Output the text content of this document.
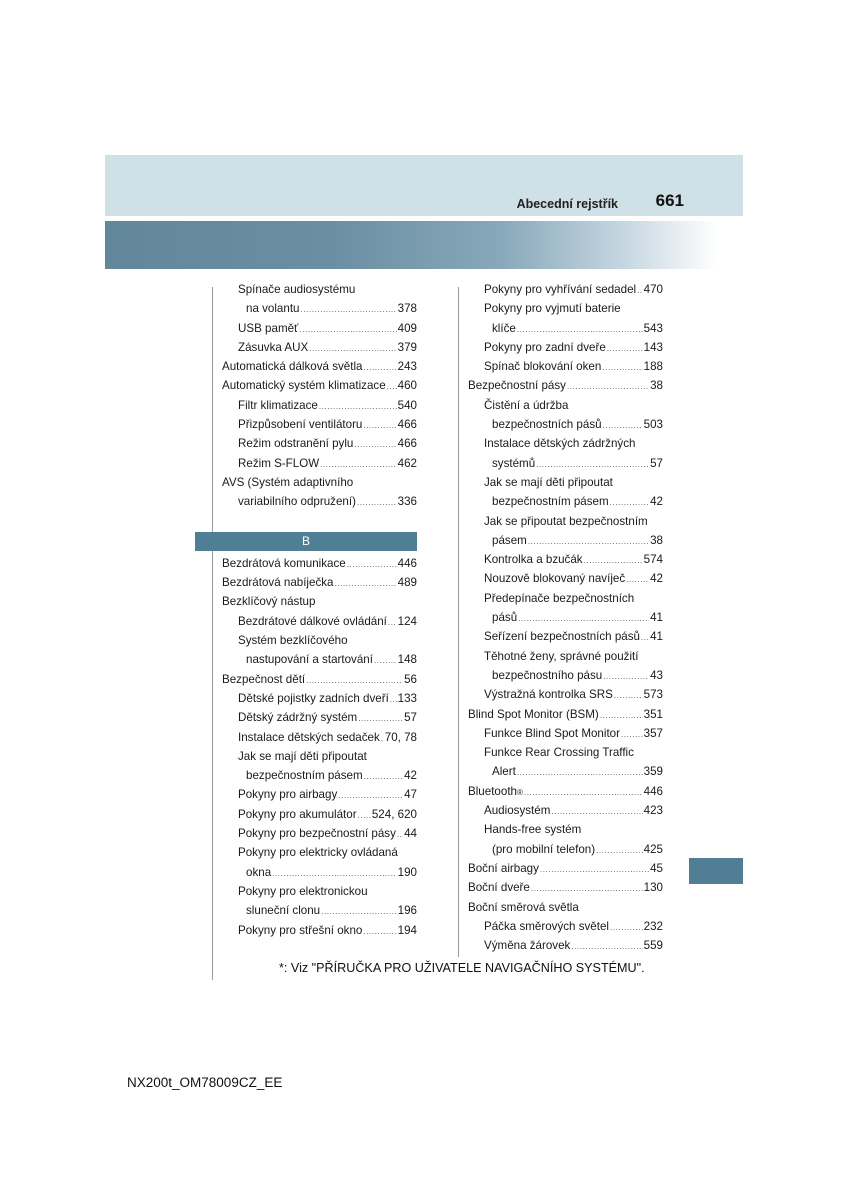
Abecední rejstřík	661
Spínače audiosystému
na volantu .....	378
USB paměť .....	409
Zásuvka AUX .....	379
Automatická dálková světla .....	243
Automatický systém klimatizace ..... 460
Filtr klimatizace .....	540
Přizpůsobení ventilátoru .....	466
Režim odstranění pylu .....	466
Režim S-FLOW .....	462
AVS (Systém adaptivního
variabilního odpružení) .....	336
B
Bezdrátová komunikace .....	446
Bezdrátová nabíječka .....	489
Bezklíčový nástup
Bezdrátové dálkové ovládání ..... 124
Systém bezklíčového
nastupování a startování ..... 148
Bezpečnost dětí .....	56
Dětské pojistky zadních dveří ..... 133
Dětský zádržný systém .....	57
Instalace dětských sedaček ..... 70, 78
Jak se mají děti připoutat
bezpečnostním pásem .....	42
Pokyny pro airbagy .....	47
Pokyny pro akumulátor ..... 524, 620
Pokyny pro bezpečnostní pásy ..... 44
Pokyny pro elektricky ovládaná
okna .....	190
Pokyny pro elektronickou
sluneční clonu .....	196
Pokyny pro střešní okno .....	194
Pokyny pro vyhřívání sedadel ..... 470
Pokyny pro vyjmutí baterie
klíče .....	543
Pokyny pro zadní dveře .....	143
Spínač blokování oken .....	188
Bezpečnostní pásy .....	38
Čistění a údržba
bezpečnostních pásů .....	503
Instalace dětských zádržných
systémů .....	57
Jak se mají děti připoutat
bezpečnostním pásem .....	42
Jak se připoutat bezpečnostním
pásem .....	38
Kontrolka a bzučák .....	574
Nouzově blokovaný navíječ ..... 42
Předepínače bezpečnostních
pásů .....	41
Seřízení bezpečnostních pásů ..... 41
Těhotné ženy, správné použití
bezpečnostního pásu .....	43
Výstražná kontrolka SRS .....	573
Blind Spot Monitor (BSM) .....	351
Funkce Blind Spot Monitor ..... 357
Funkce Rear Crossing Traffic
Alert .....	359
Bluetooth ® .....	446
Audiosystém .....	423
Hands-free systém
(pro mobilní telefon) .....	425
Boční airbagy .....	45
Boční dveře .....	130
Boční směrová světla
Páčka směrových světel .....	232
Výměna žárovek .....	559
*: Viz "PŘÍRUČKA PRO UŽIVATELE NAVIGAČNÍHO SYSTÉMU".
NX200t_OM78009CZ_EE
